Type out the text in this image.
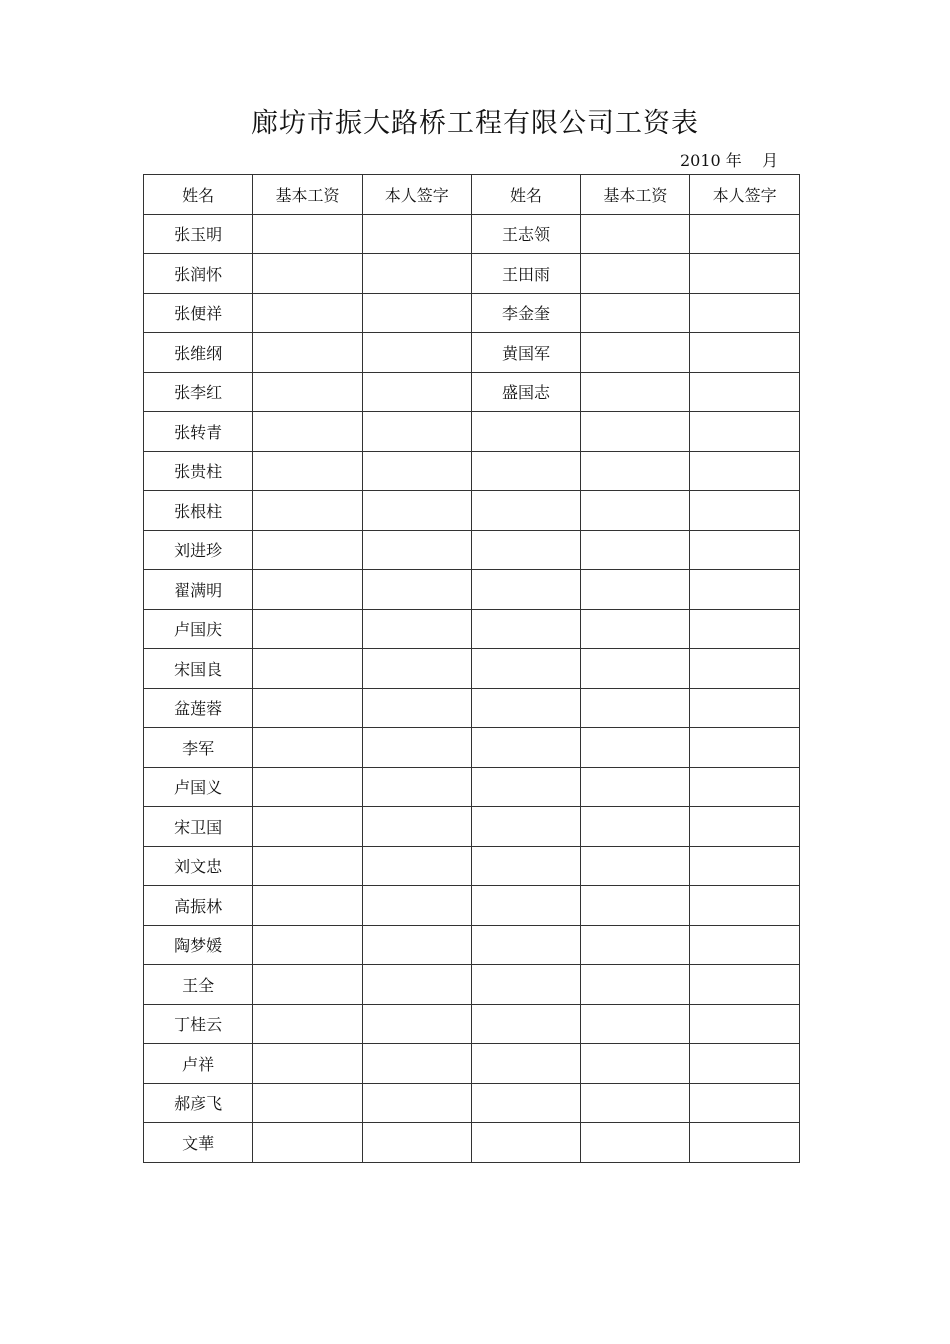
廊坊市振大路桥工程有限公司工资表
2010 年    月
姓名	基本工资	本人签字	姓名	基本工资	本人签字
张玉明			王志领		
张润怀			王田雨		
张便祥			李金奎		
张维纲			黄国军		
张李红			盛国志		
张转青					
张贵柱					
张根柱					
刘进珍					
翟满明					
卢国庆					
宋国良					
盆莲蓉					
李军					
卢国义					
宋卫国					
刘文忠					
高振林					
陶梦媛					
王全					
丁桂云					
卢祥					
郝彦飞					
文華					
